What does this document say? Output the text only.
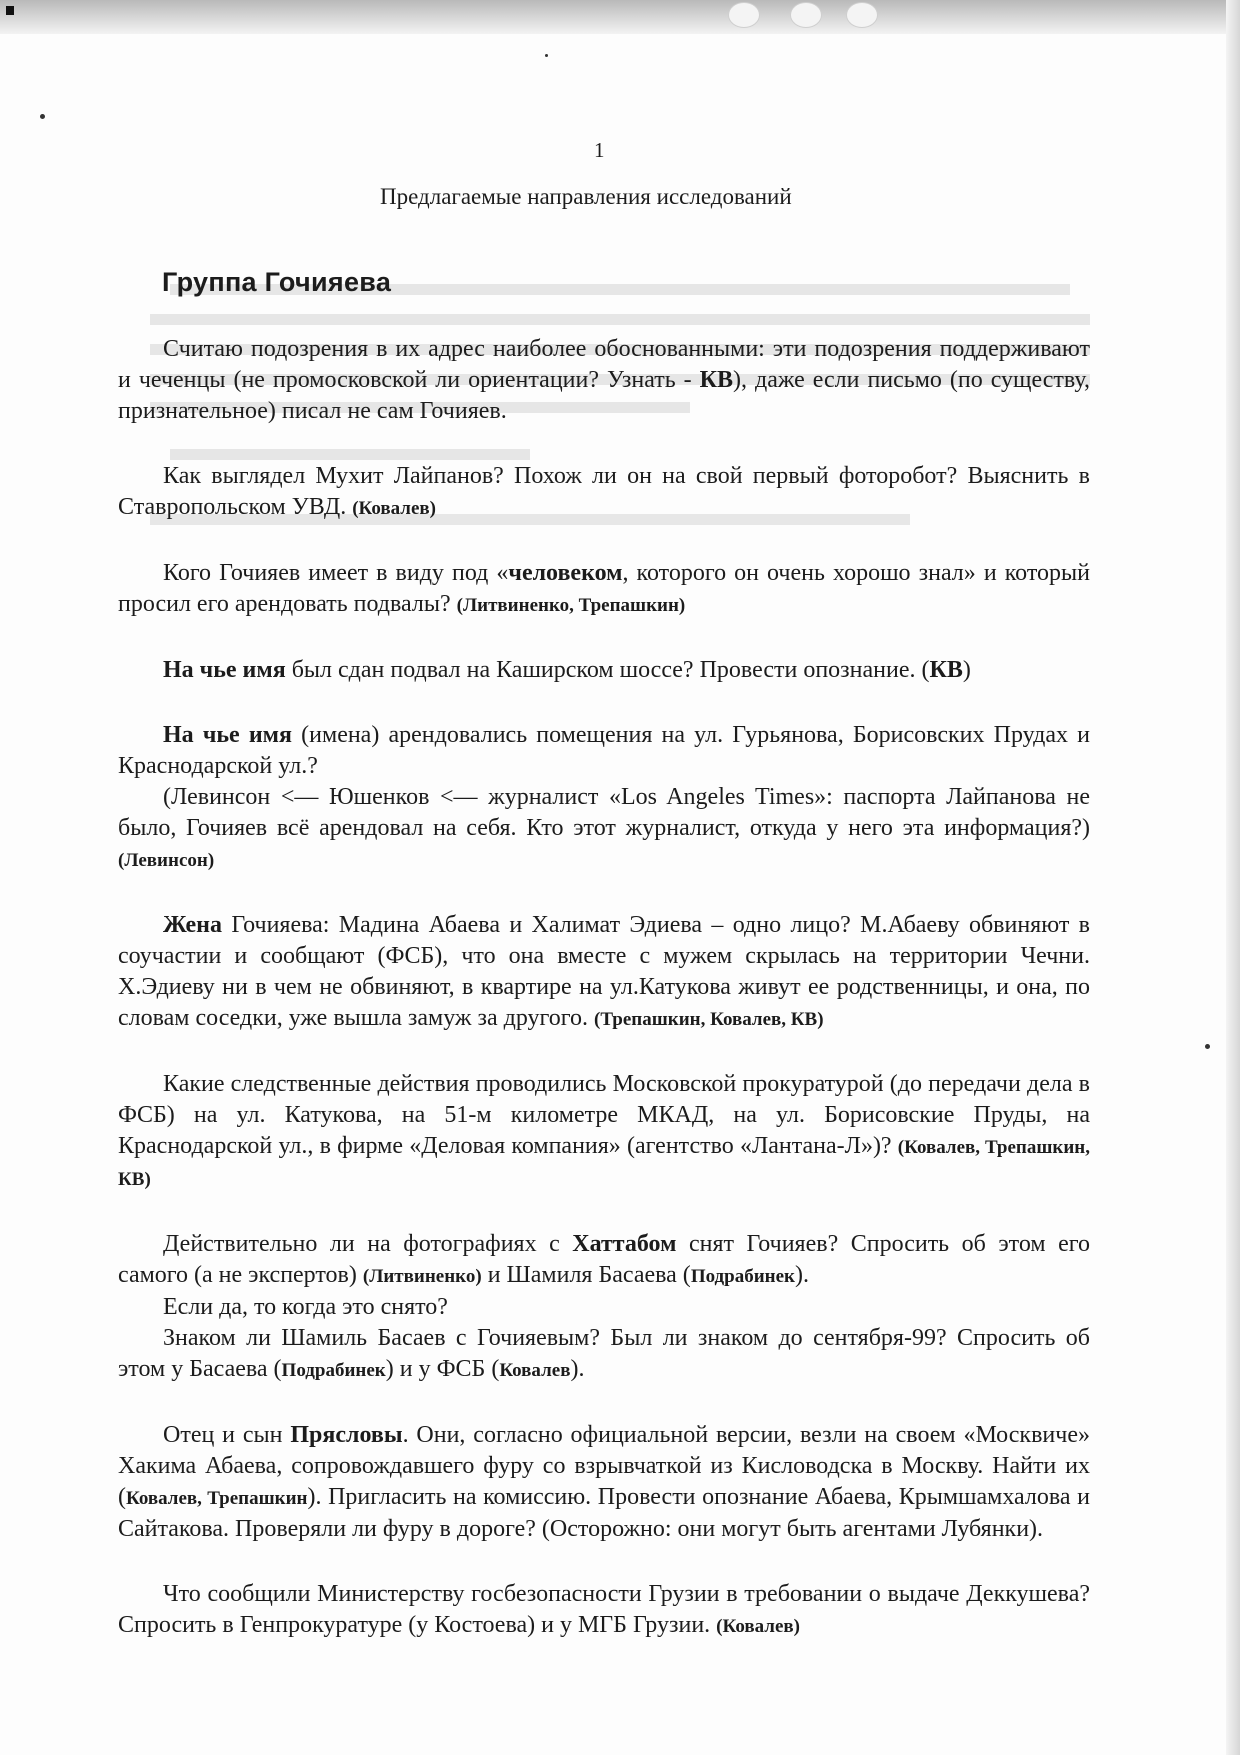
1
Предлагаемые направления исследований
Группа Гочияева

Считаю подозрения в их адрес наиболее обоснованными: эти подозрения поддерживают и чеченцы (не промосковской ли ориентации? Узнать - КВ), даже если письмо (по существу, признательное) писал не сам Гочияев.

Как выглядел Мухит Лайпанов? Похож ли он на свой первый фоторобот? Выяснить в Ставропольском УВД. (Ковалев)

Кого Гочияев имеет в виду под «человеком, которого он очень хорошо знал» и который просил его арендовать подвалы? (Литвиненко, Трепашкин)

На чье имя был сдан подвал на Каширском шоссе? Провести опознание. (КВ)

На чье имя (имена) арендовались помещения на ул. Гурьянова, Борисовских Прудах и Краснодарской ул.?

(Левинсон <— Юшенков <— журналист «Los Angeles Times»: паспорта Лайпанова не было, Гочияев всё арендовал на себя. Кто этот журналист, откуда у него эта информация?) (Левинсон)

Жена Гочияева: Мадина Абаева и Халимат Эдиева – одно лицо? М.Абаеву обвиняют в соучастии и сообщают (ФСБ), что она вместе с мужем скрылась на территории Чечни. Х.Эдиеву ни в чем не обвиняют, в квартире на ул.Катукова живут ее родственницы, и она, по словам соседки, уже вышла замуж за другого. (Трепашкин, Ковалев, КВ)

Какие следственные действия проводились Московской прокуратурой (до передачи дела в ФСБ) на ул. Катукова, на 51-м километре МКАД, на ул. Борисовские Пруды, на Краснодарской ул., в фирме «Деловая компания» (агентство «Лантана-Л»)? (Ковалев, Трепашкин, КВ)

Действительно ли на фотографиях с Хаттабом снят Гочияев? Спросить об этом его самого (а не экспертов) (Литвиненко) и Шамиля Басаева (Подрабинек).

Если да, то когда это снято?

Знаком ли Шамиль Басаев с Гочияевым? Был ли знаком до сентября-99? Спросить об этом у Басаева (Подрабинек) и у ФСБ (Ковалев).

Отец и сын Прясловы. Они, согласно официальной версии, везли на своем «Москвиче» Хакима Абаева, сопровождавшего фуру со взрывчаткой из Кисловодска в Москву. Найти их (Ковалев, Трепашкин). Пригласить на комиссию. Провести опознание Абаева, Крымшамхалова и Сайтакова. Проверяли ли фуру в дороге? (Осторожно: они могут быть агентами Лубянки).

Что сообщили Министерству госбезопасности Грузии в требовании о выдаче Деккушева? Спросить в Генпрокуратуре (у Костоева) и у МГБ Грузии. (Ковалев)
